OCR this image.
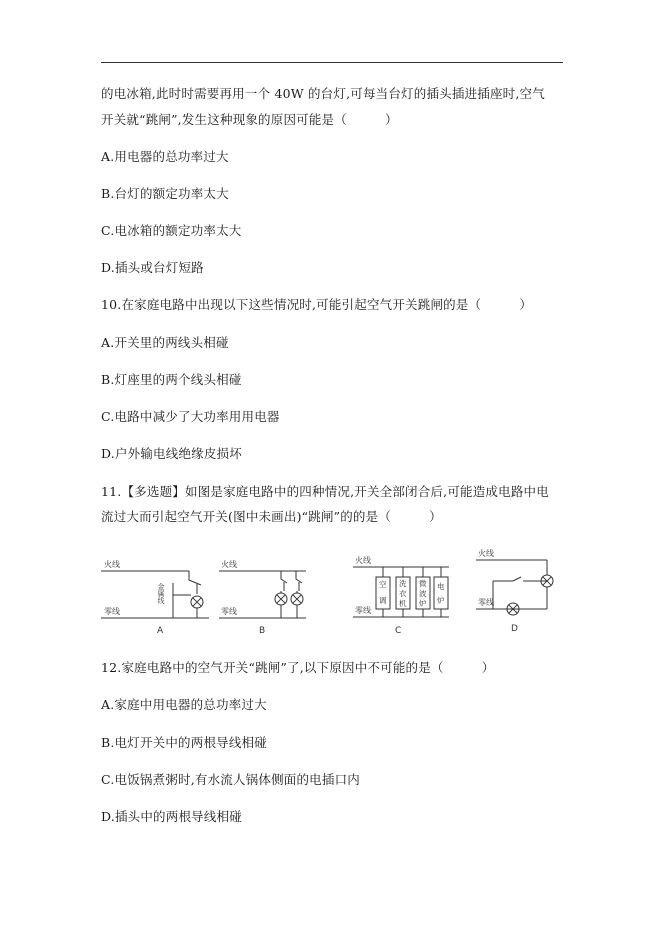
的电冰箱,此时时需要再用一个 40W 的台灯,可每当台灯的插头插进插座时,空气
开关就“跳闸”,发生这种现象的原因可能是（　　　）
A.用电器的总功率过大
B.台灯的额定功率太大
C.电冰箱的额定功率太大
D.插头或台灯短路
10.在家庭电路中出现以下这些情况时,可能引起空气开关跳闸的是（　　　）
A.开关里的两线头相碰
B.灯座里的两个线头相碰
C.电路中减少了大功率用用电器
D.户外输电线绝缘皮损坏
11.【多选题】如图是家庭电路中的四种情况,开关全部闭合后,可能造成电路中电
流过大而引起空气开关(图中未画出)“跳闸”的的是（　　　）
火线
零线
金属线
A
火线
零线
B
火线
零线
空
调
洗
衣
机
微
波
炉
电
炉
C
火线
零线
D
12.家庭电路中的空气开关“跳闸”了,以下原因中不可能的是（　　　）
A.家庭中用电器的总功率过大
B.电灯开关中的两根导线相碰
C.电饭锅煮粥时,有水流人锅体侧面的电插口内
D.插头中的两根导线相碰
